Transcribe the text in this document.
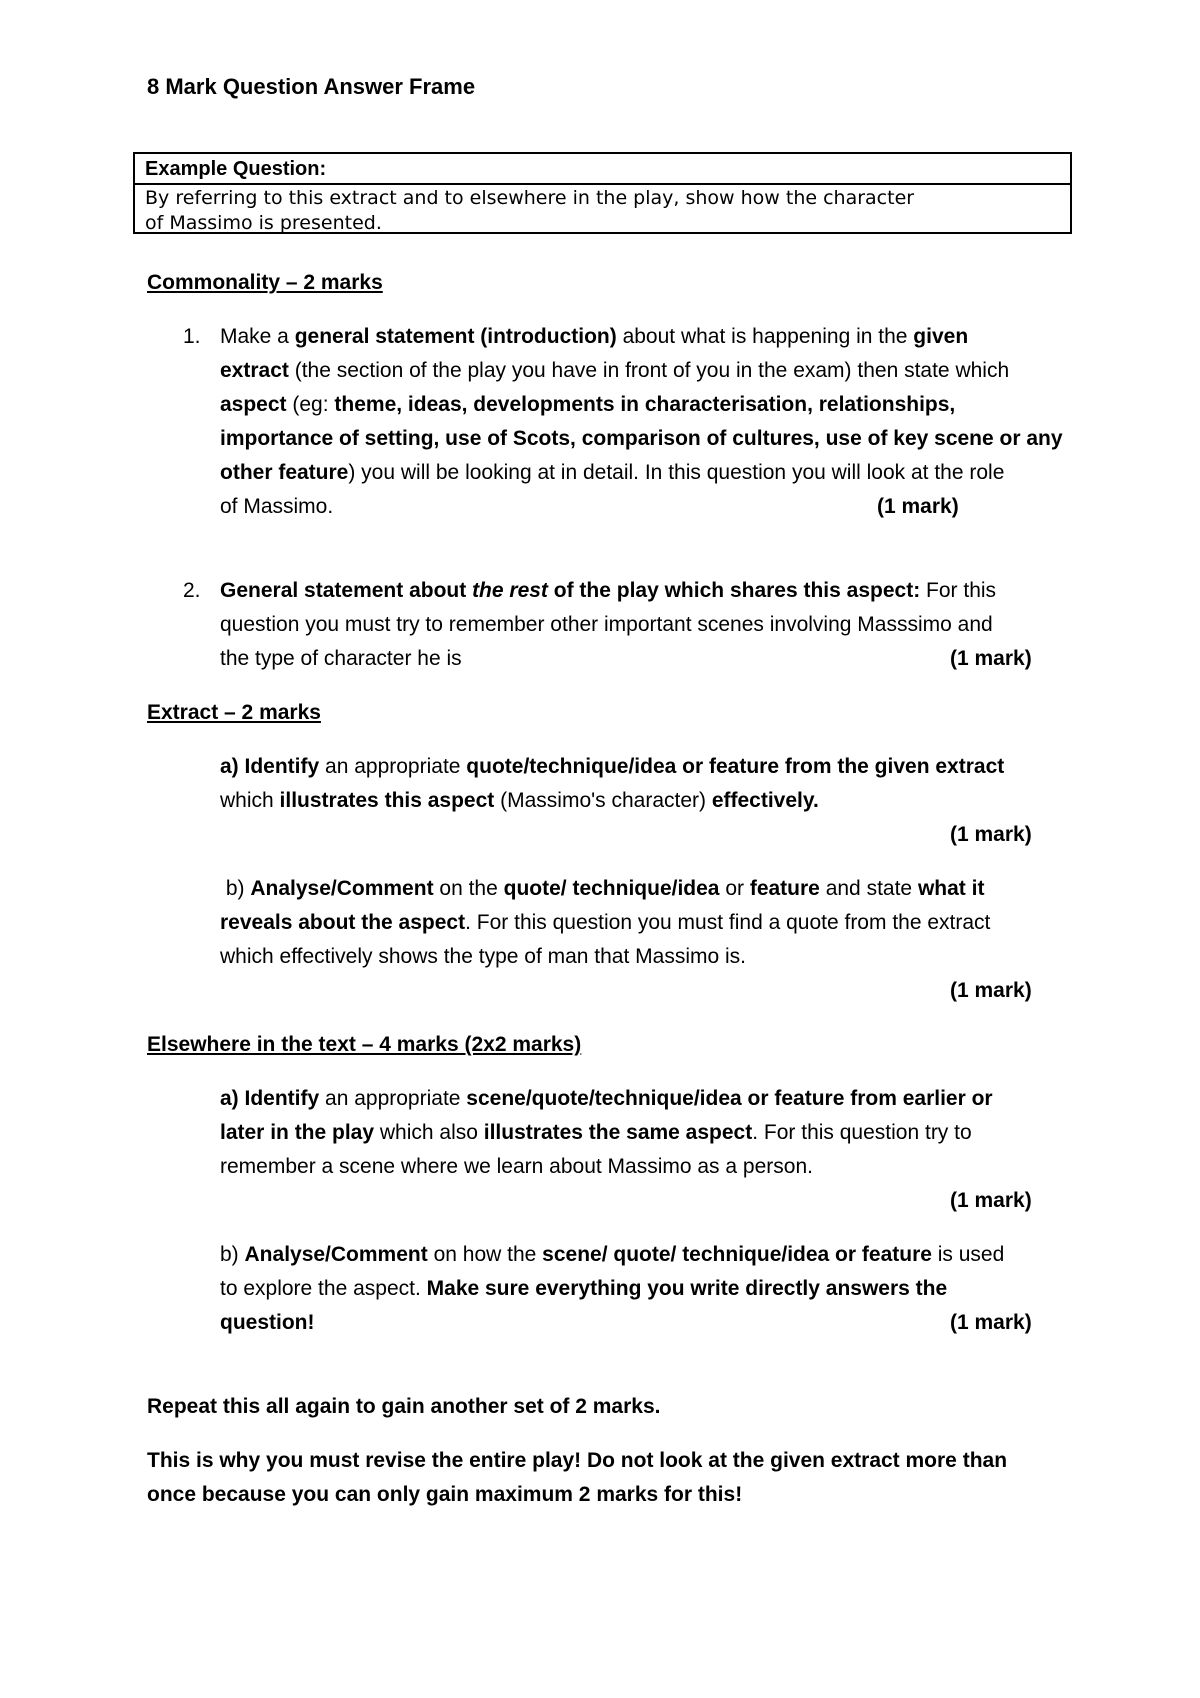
8 Mark Question Answer Frame
Example Question:
By referring to this extract and to elsewhere in the play, show how the character
of Massimo is presented.
Commonality – 2 marks
1. Make a general statement (introduction) about what is happening in the given
extract (the section of the play you have in front of you in the exam) then state which
aspect (eg: theme, ideas, developments in characterisation, relationships,
importance of setting, use of Scots, comparison of cultures, use of key scene or any
other feature) you will be looking at in detail. In this question you will look at the role
of Massimo.	(1 mark)
2. General statement about the rest of the play which shares this aspect: For this
question you must try to remember other important scenes involving Masssimo and
the type of character he is	(1 mark)
Extract – 2 marks
a) Identify an appropriate quote/technique/idea or feature from the given extract
which illustrates this aspect (Massimo's character) effectively.
(1 mark)
b) Analyse/Comment on the quote/ technique/idea or feature and state what it
reveals about the aspect. For this question you must find a quote from the extract
which effectively shows the type of man that Massimo is.
(1 mark)
Elsewhere in the text – 4 marks (2x2 marks)
a) Identify an appropriate scene/quote/technique/idea or feature from earlier or
later in the play which also illustrates the same aspect. For this question try to
remember a scene where we learn about Massimo as a person.
(1 mark)
b) Analyse/Comment on how the scene/ quote/ technique/idea or feature is used
to explore the aspect. Make sure everything you write directly answers the
question!	(1 mark)
Repeat this all again to gain another set of 2 marks.
This is why you must revise the entire play! Do not look at the given extract more than
once because you can only gain maximum 2 marks for this!
